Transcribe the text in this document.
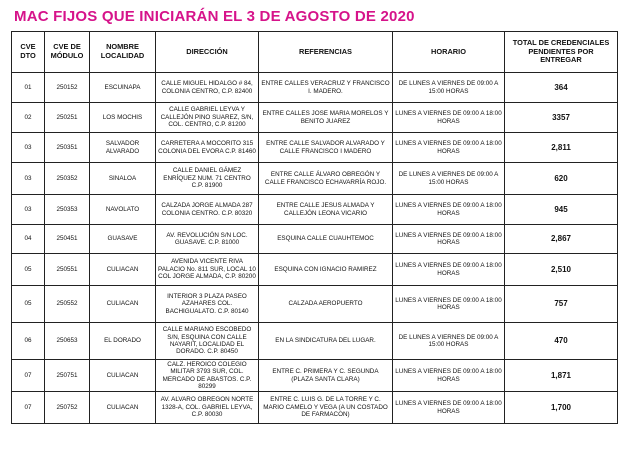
MAC FIJOS QUE INICIARÁN EL 3 DE AGOSTO DE 2020
CVE DTO	CVE DE MÓDULO	NOMBRE LOCALIDAD	DIRECCIÓN	REFERENCIAS	HORARIO	TOTAL DE CREDENCIALES PENDIENTES POR ENTREGAR
01	250152	ESCUINAPA	CALLE MIGUEL HIDALGO # 84, COLONIA CENTRO, C.P. 82400	ENTRE CALLES VERACRUZ Y FRANCISCO I. MADERO.	DE LUNES A VIERNES DE 09:00 A 15:00 HORAS	364
02	250251	LOS MOCHIS	CALLE GABRIEL LEYVA Y CALLEJÓN PINO SUAREZ, S/N, COL. CENTRO, C.P. 81200	ENTRE CALLES JOSE MARIA MORELOS Y BENITO JUAREZ	LUNES A VIERNES DE 09:00 A 18:00 HORAS	3357
03	250351	SALVADOR ALVARADO	CARRETERA A MOCORITO 315 COLONIA DEL EVORA C.P. 81460	ENTRE CALLE SALVADOR ALVARADO Y CALLE FRANCISCO I MADERO	LUNES A VIERNES DE 09:00 A 18:00 HORAS	2,811
03	250352	SINALOA	CALLE DANIEL GÁMEZ ENRÍQUEZ NUM. 71 CENTRO C.P. 81900	ENTRE CALLE ÁLVARO OBREGÓN Y CALLE FRANCISCO ECHAVARRÍA ROJO.	DE LUNES A VIERNES DE 09:00 A 15:00 HORAS	620
03	250353	NAVOLATO	CALZADA JORGE ALMADA 287 COLONIA CENTRO. C.P. 80320	ENTRE CALLE JESUS ALMADA Y CALLEJÓN LEONA VICARIO	LUNES A VIERNES DE 09:00 A 18:00 HORAS	945
04	250451	GUASAVE	AV. REVOLUCIÓN S/N LOC. GUASAVE. C.P. 81000	ESQUINA CALLE CUAUHTEMOC	LUNES A VIERNES DE 09:00 A 18:00 HORAS	2,867
05	250551	CULIACAN	AVENIDA VICENTE RIVA PALACIO No. 811 SUR, LOCAL 10 COL JORGE ALMADA, C.P. 80200	ESQUINA CON IGNACIO RAMIREZ	LUNES A VIERNES DE 09:00 A 18:00 HORAS	2,510
05	250552	CULIACAN	INTERIOR 3 PLAZA PASEO AZAHARES COL. BACHIGUALATO. C.P. 80140	CALZADA AEROPUERTO	LUNES A VIERNES DE 09:00 A 18:00 HORAS	757
06	250653	EL DORADO	CALLE MARIANO ESCOBEDO S/N, ESQUINA CON CALLE NAYARIT, LOCALIDAD EL DORADO. C.P. 80450	EN LA SINDICATURA DEL LUGAR.	DE LUNES A VIERNES DE 09:00 A 15:00 HORAS	470
07	250751	CULIACAN	CALZ. HEROICO COLEGIO MILITAR 3793 SUR, COL. MERCADO DE ABASTOS. C.P. 80299	ENTRE C. PRIMERA Y C. SEGUNDA (PLAZA SANTA CLARA)	LUNES A VIERNES DE 09:00 A 18:00 HORAS	1,871
07	250752	CULIACAN	AV. ALVARO OBREGON NORTE 1328-A, COL. GABRIEL LEYVA, C.P. 80030	ENTRE C. LUIS G. DE LA TORRE Y C. MARIO CAMELO Y VEGA (A UN COSTADO DE FARMACON)	LUNES A VIERNES DE 09:00 A 18:00 HORAS	1,700
